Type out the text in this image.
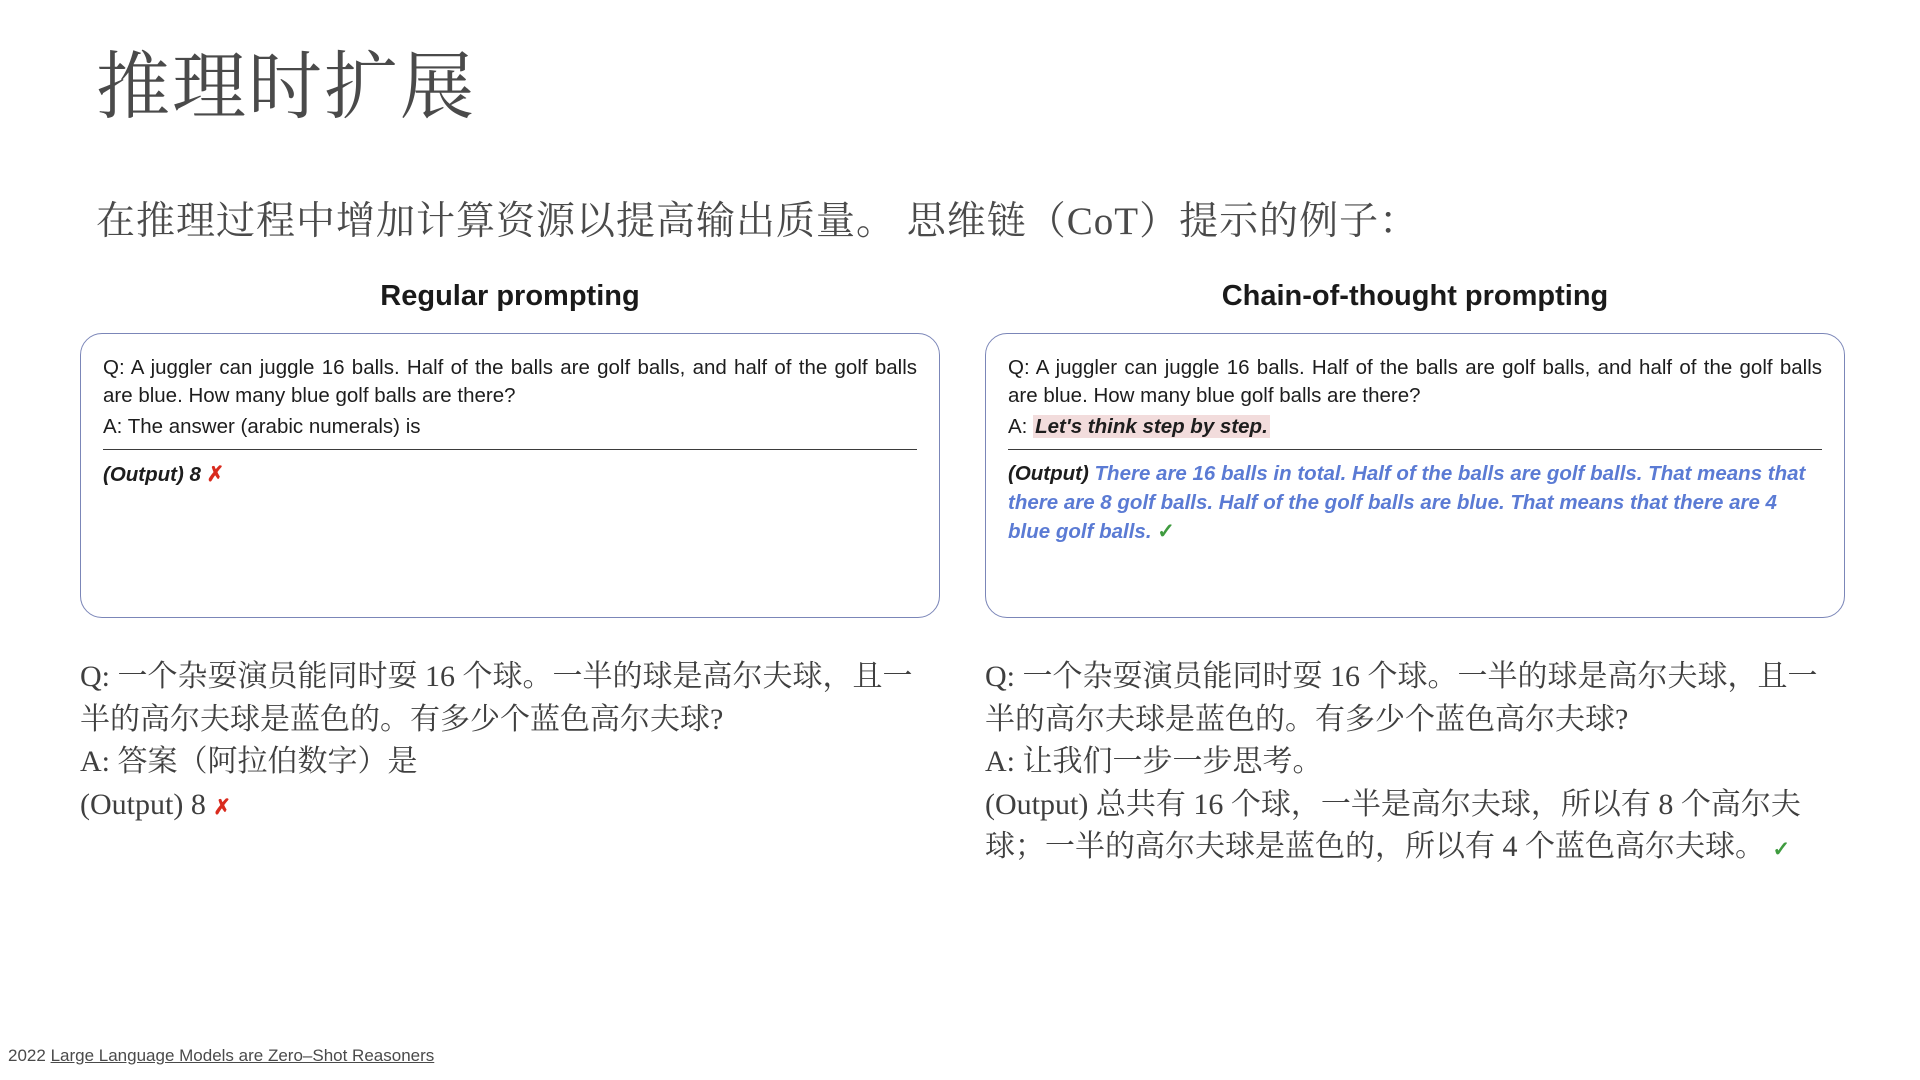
推理时扩展
在推理过程中增加计算资源以提高输出质量。 思维链（CoT）提示的例子：
Regular prompting
Q: A juggler can juggle 16 balls. Half of the balls are golf balls, and half of the golf balls are blue. How many blue golf balls are there?
A: The answer (arabic numerals) is
(Output) 8 ✗
Q: 一个杂耍演员能同时耍 16 个球。一半的球是高尔夫球，且一半的高尔夫球是蓝色的。有多少个蓝色高尔夫球?
A: 答案（阿拉伯数字）是
(Output) 8 ✗
Chain-of-thought prompting
Q: A juggler can juggle 16 balls. Half of the balls are golf balls, and half of the golf balls are blue. How many blue golf balls are there?
A: Let's think step by step.
(Output) There are 16 balls in total. Half of the balls are golf balls. That means that there are 8 golf balls. Half of the golf balls are blue. That means that there are 4 blue golf balls. ✓
Q: 一个杂耍演员能同时耍 16 个球。一半的球是高尔夫球，且一半的高尔夫球是蓝色的。有多少个蓝色高尔夫球?
A: 让我们一步一步思考。
(Output) 总共有 16 个球，一半是高尔夫球，所以有 8 个高尔夫球；一半的高尔夫球是蓝色的，所以有 4 个蓝色高尔夫球。 ✓
2022 Large Language Models are Zero–Shot Reasoners
